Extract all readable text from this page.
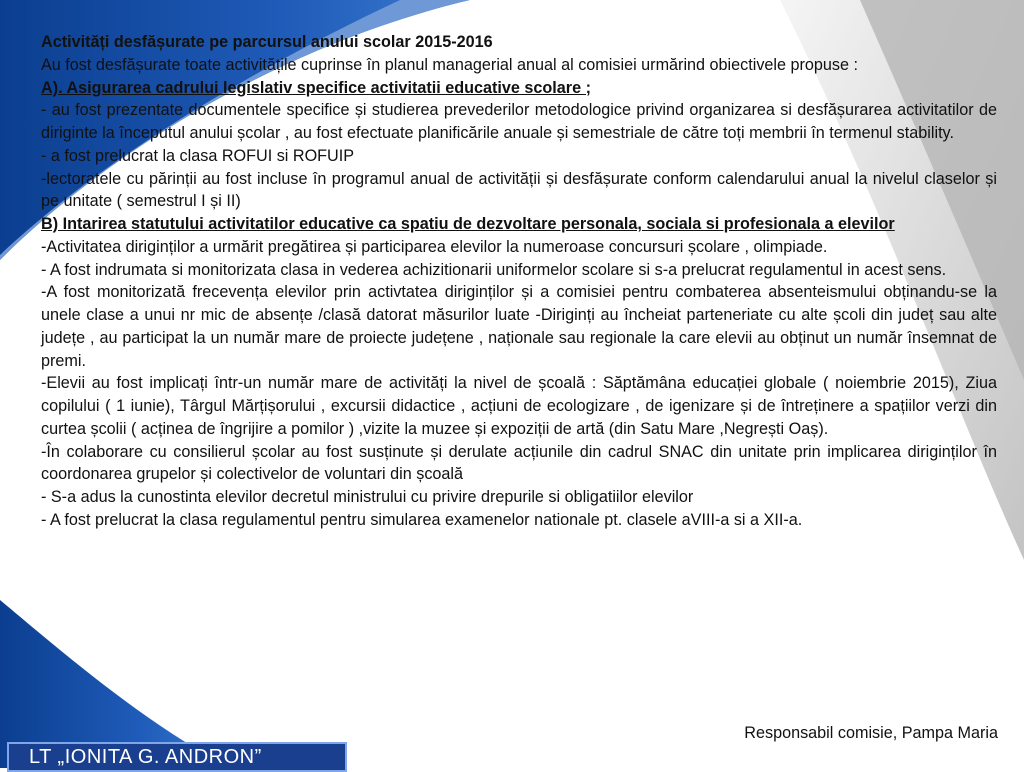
Activități desfășurate pe parcursul anului scolar 2015-2016

Au fost desfășurate toate activitățile cuprinse în planul managerial anual al comisiei urmărind obiectivele propuse :

A). Asigurarea cadrului legislativ specifice activitatii educative scolare ;

- au fost prezentate documentele specifice și studierea prevederilor metodologice privind organizarea si desfășurarea activitatilor de diriginte la începutul anului școlar , au fost efectuate planificările anuale și semestriale de către toți membrii în termenul stability.

- a fost prelucrat la clasa ROFUI si ROFUIP

-lectoratele cu părinții au fost incluse în programul anual de activității și desfășurate conform calendarului anual la nivelul claselor și pe unitate ( semestrul I și II)

B) Intarirea statutului activitatilor educative ca spatiu de dezvoltare personala, sociala si profesionala a elevilor

-Activitatea diriginților a urmărit pregătirea și participarea elevilor la numeroase concursuri școlare , olimpiade.

- A fost indrumata si monitorizata clasa in vederea achizitionarii uniformelor scolare si s-a prelucrat regulamentul in acest sens.

-A fost monitorizată frecevența elevilor prin activtatea diriginților și a comisiei pentru combaterea absenteismului obținandu-se la unele clase a unui nr mic de absențe /clasă datorat măsurilor luate -Diriginți au încheiat parteneriate cu alte școli din județ sau alte județe , au participat la un număr mare de proiecte județene , naționale sau regionale la care elevii au obținut un număr însemnat de premi.

-Elevii au fost implicați într-un număr mare de activități la nivel de școală : Săptămâna educației globale ( noiembrie 2015), Ziua copilului ( 1 iunie), Târgul Mărțișorului , excursii didactice , acțiuni de ecologizare , de igenizare și de întreținere a spațiilor verzi din curtea școlii ( acținea de îngrijire a pomilor ) ,vizite la muzee și expoziții de artă (din Satu Mare ,Negrești Oaș).

-În colaborare cu consilierul școlar au fost susținute și derulate acțiunile din cadrul SNAC din unitate prin implicarea diriginților în coordonarea grupelor și colectivelor de voluntari din școală

- S-a adus la cunostinta elevilor decretul ministrului cu privire drepurile si obligatiilor elevilor

- A fost prelucrat la clasa regulamentul pentru simularea examenelor nationale pt. clasele aVIII-a si a XII-a.

Responsabil comisie, Pampa Maria
LT „IONITA G. ANDRON”
